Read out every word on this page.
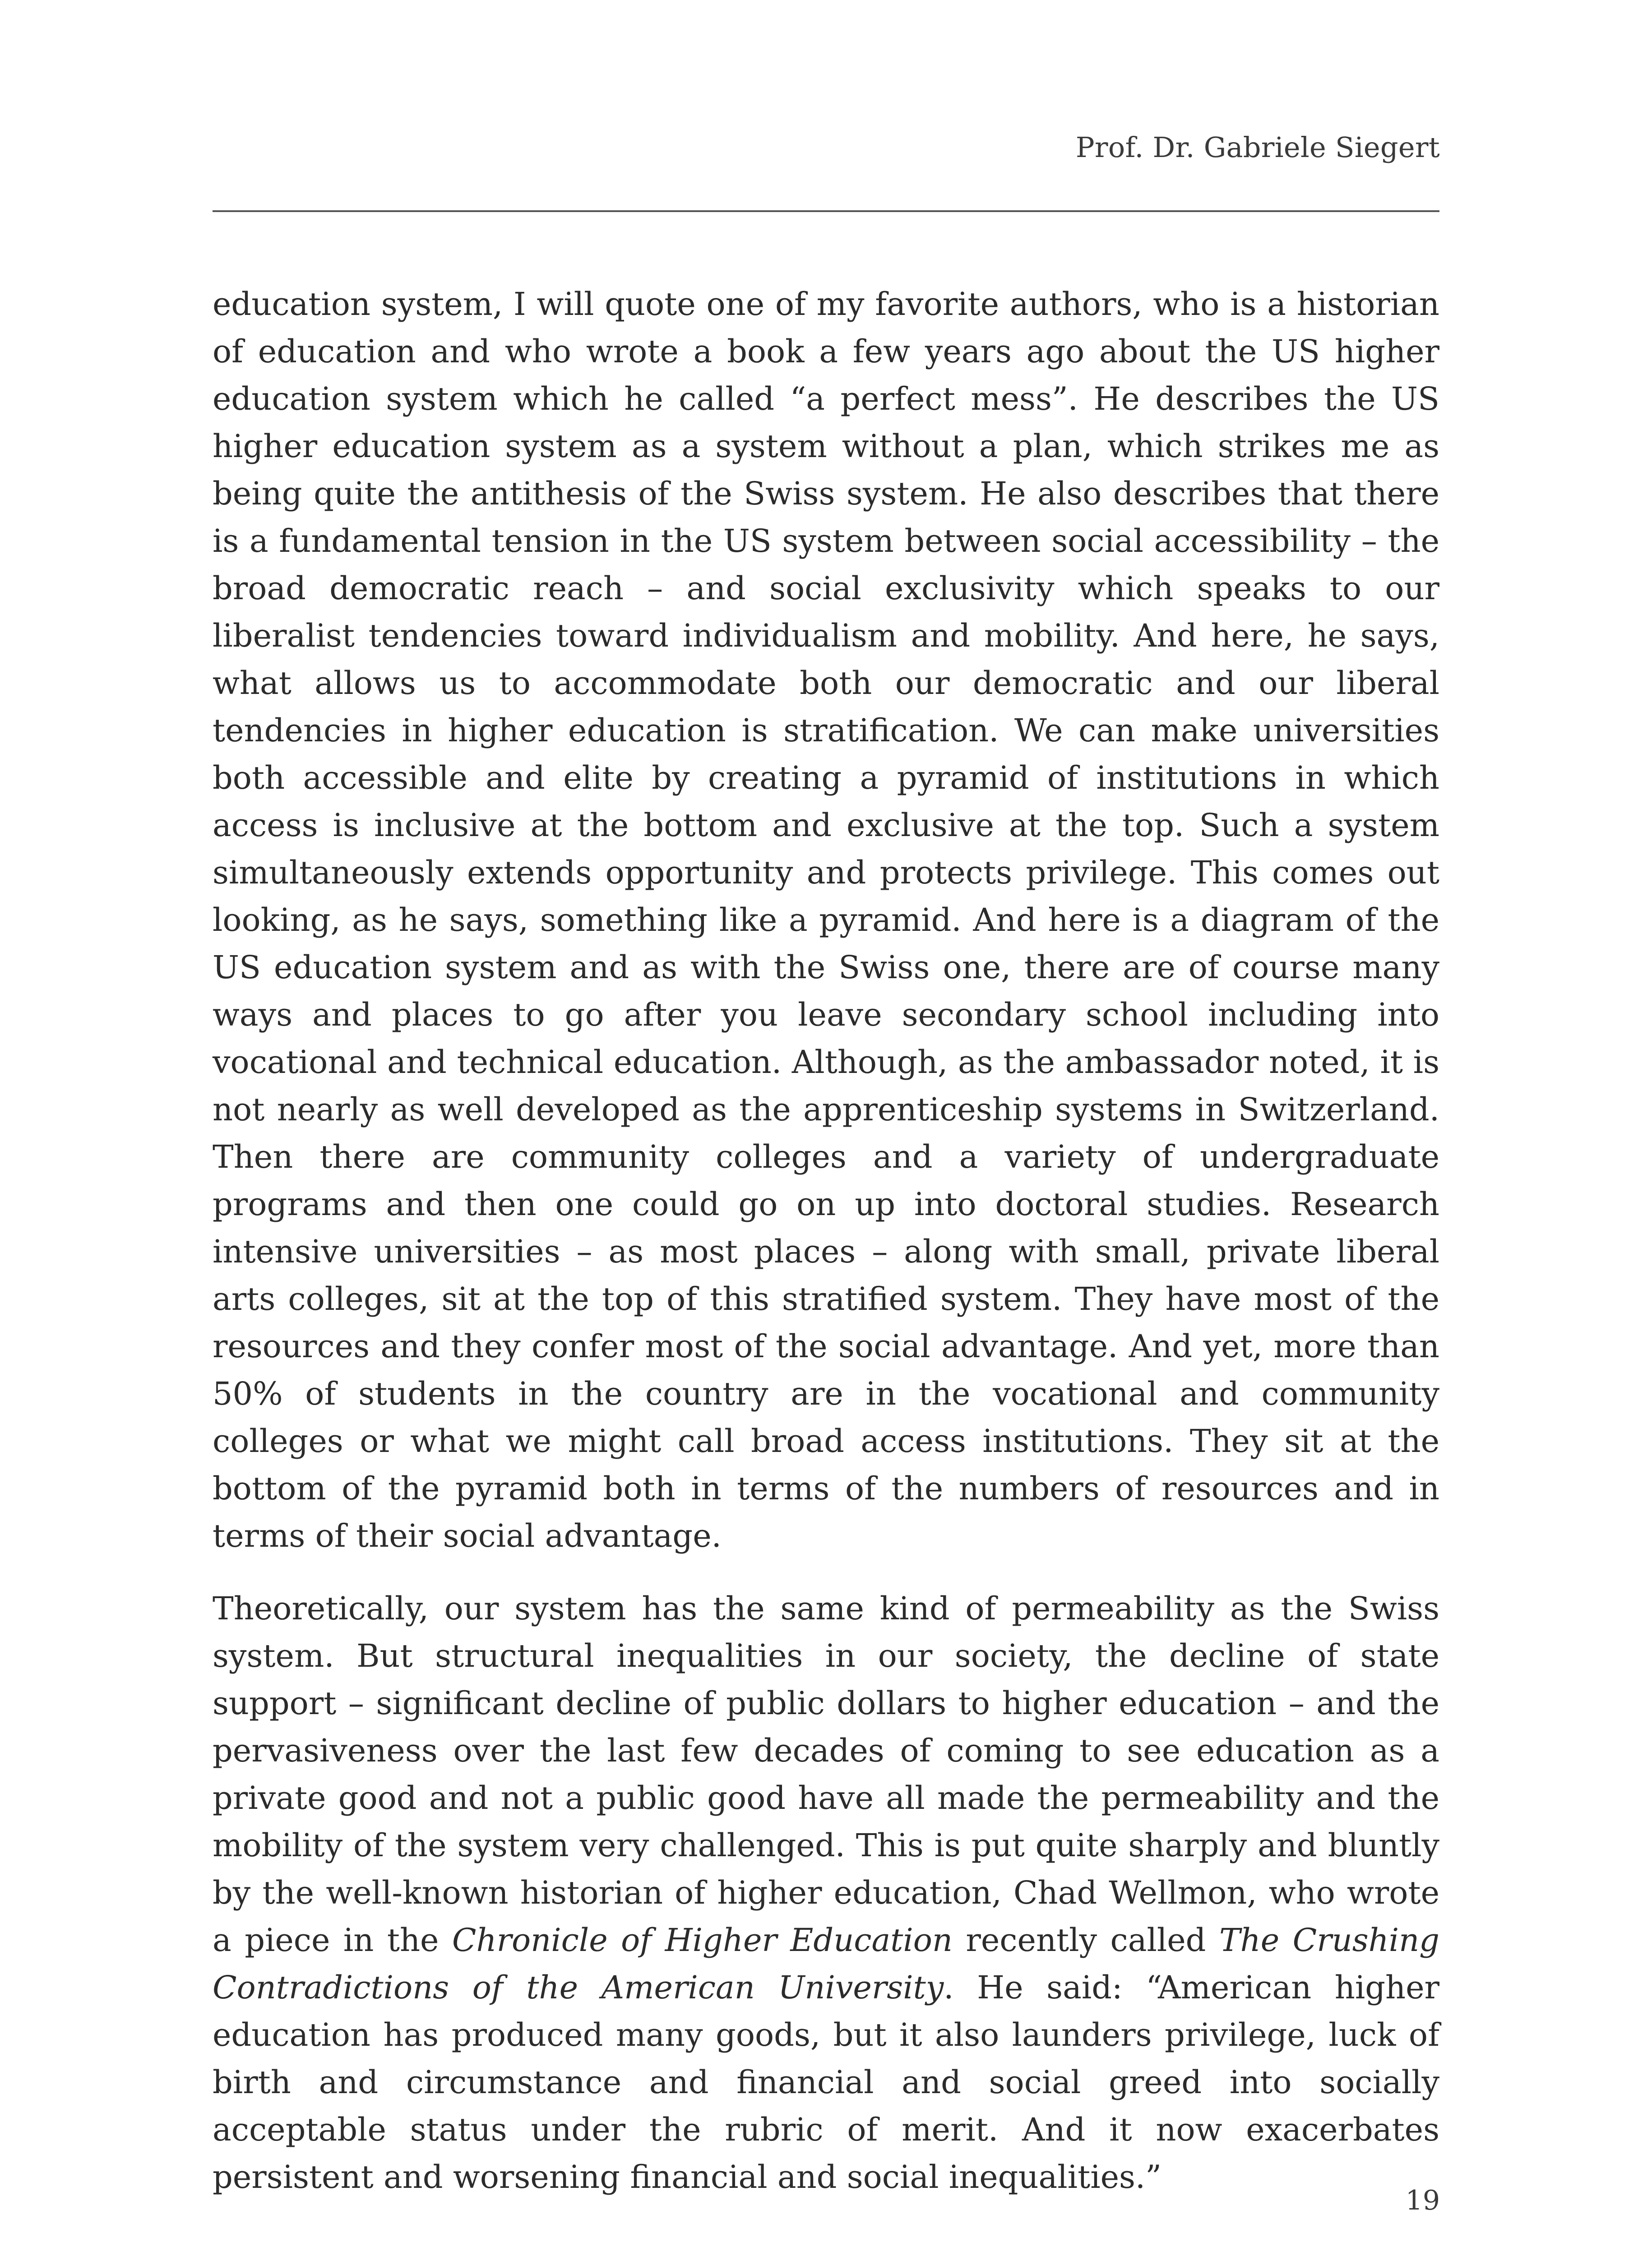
Prof. Dr. Gabriele Siegert

education system, I will quote one of my favorite authors, who is a historian of education and who wrote a book a few years ago about the US higher education system which he called “a perfect mess”. He describes the US higher education system as a system without a plan, which strikes me as being quite the antithesis of the Swiss system. He also describes that there is a fundamental tension in the US system between social accessibility – the broad democratic reach – and social exclusivity which speaks to our liberalist tendencies toward individualism and mobility. And here, he says, what allows us to accommodate both our democratic and our liberal tendencies in higher education is stratification. We can make universities both accessible and elite by creating a pyramid of institutions in which access is inclusive at the bottom and exclusive at the top. Such a system simultaneously extends opportunity and protects privilege. This comes out looking, as he says, something like a pyramid. And here is a diagram of the US education system and as with the Swiss one, there are of course many ways and places to go after you leave secondary school including into vocational and technical education. Although, as the ambassador noted, it is not nearly as well developed as the apprenticeship systems in Switzerland. Then there are community colleges and a variety of undergraduate programs and then one could go on up into doctoral studies. Research intensive universities – as most places – along with small, private liberal arts colleges, sit at the top of this stratified system. They have most of the resources and they confer most of the social advantage. And yet, more than 50% of students in the country are in the vocational and community colleges or what we might call broad access institutions. They sit at the bottom of the pyramid both in terms of the numbers of resources and in terms of their social advantage.

Theoretically, our system has the same kind of permeability as the Swiss system. But structural inequalities in our society, the decline of state support – significant decline of public dollars to higher education – and the pervasiveness over the last few decades of coming to see education as a private good and not a public good have all made the permeability and the mobility of the system very challenged. This is put quite sharply and bluntly by the well-known historian of higher education, Chad Wellmon, who wrote a piece in the Chronicle of Higher Education recently called The Crushing Contradictions of the American University. He said: “American higher education has produced many goods, but it also launders privilege, luck of birth and circumstance and financial and social greed into socially acceptable status under the rubric of merit. And it now exacerbates persistent and worsening financial and social inequalities.”

19
